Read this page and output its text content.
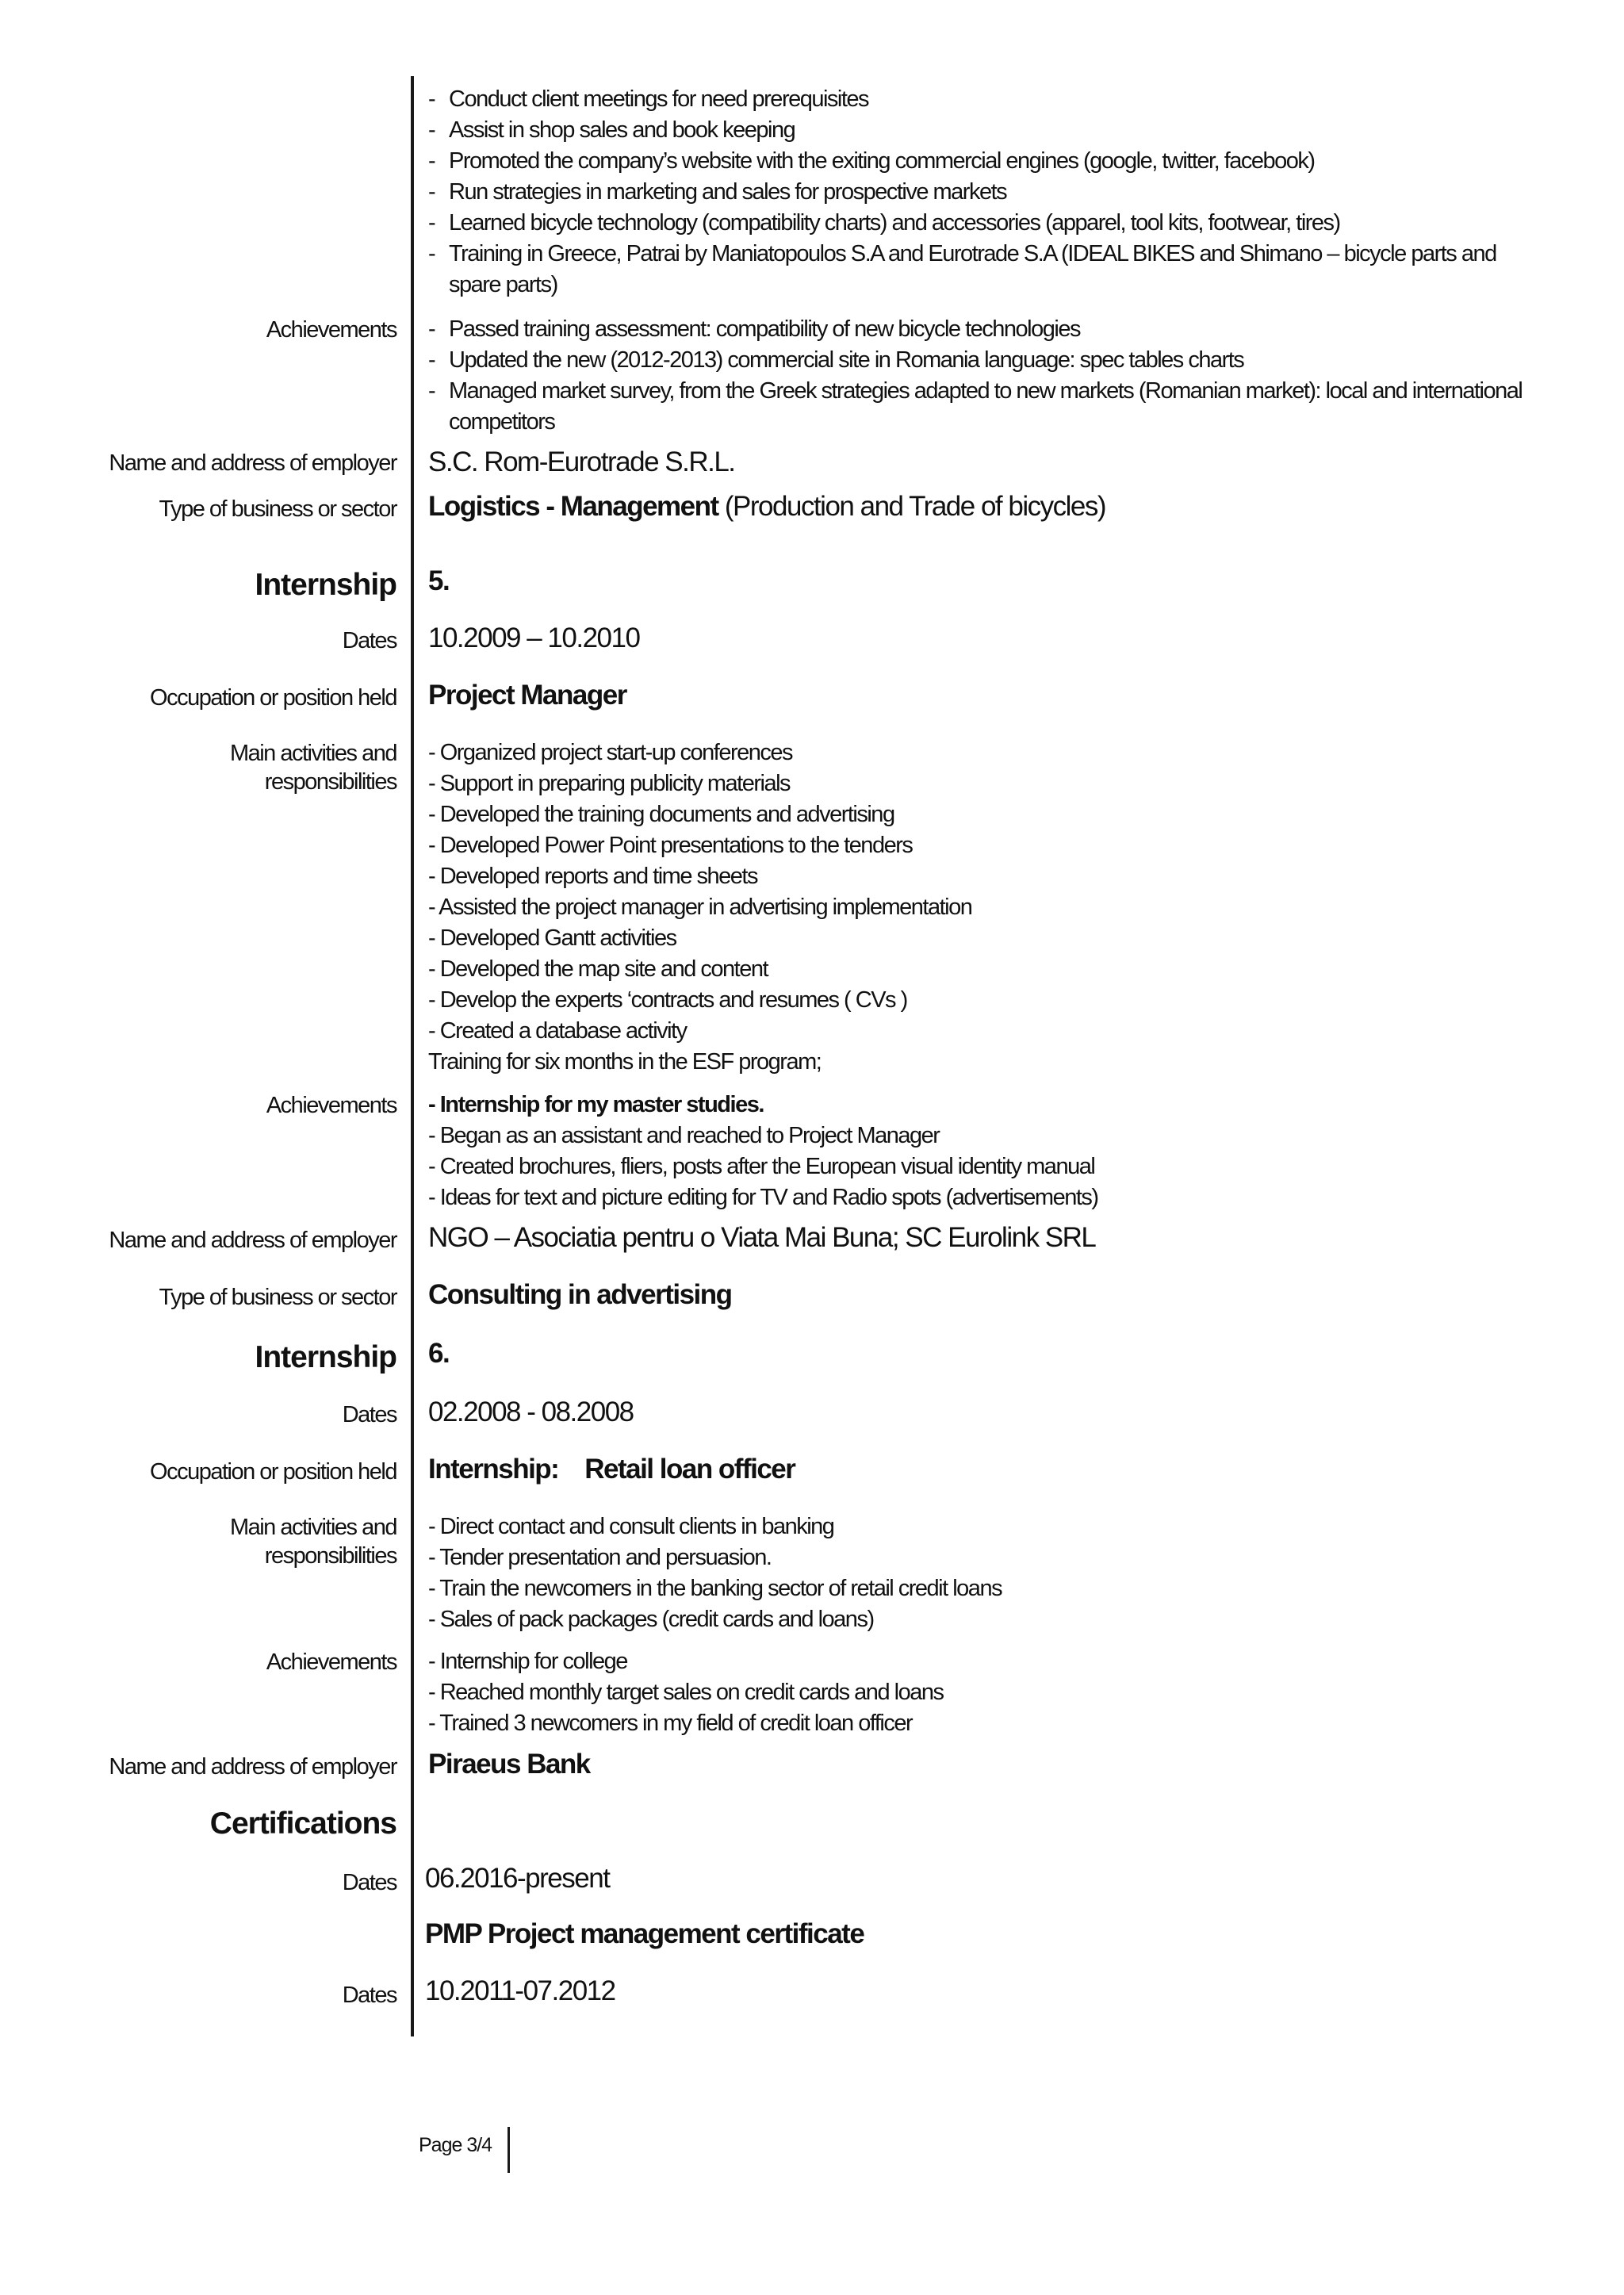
- Conduct client meetings for need prerequisites
- Assist in shop sales and book keeping
- Promoted the company’s website with the exiting commercial engines (google, twitter, facebook)
- Run strategies in marketing and sales for prospective markets
- Learned bicycle technology (compatibility charts) and accessories (apparel, tool kits, footwear, tires)
- Training in Greece, Patrai by Maniatopoulos S.A and Eurotrade S.A (IDEAL BIKES and Shimano – bicycle parts and spare parts)
Achievements
-	Passed training assessment: compatibility of new bicycle technologies
- Updated the new (2012-2013) commercial site in Romania language: spec tables charts
- Managed market survey, from the Greek strategies adapted to new markets (Romanian market): local and international competitors
Name and address of employer S.C. Rom-Eurotrade S.R.L.
Type of business or sector Logistics - Management (Production and Trade of bicycles)
Internship 5.
Dates 10.2009 – 10.2010
Occupation or position held Project Manager
Main activities and
responsibilities
- Organized project start-up conferences
- Support in preparing publicity materials
- Developed the training documents and advertising
- Developed Power Point presentations to the tenders
- Developed reports and time sheets
- Assisted the project manager in advertising implementation
- Developed Gantt activities
- Developed the map site and content
- Develop the experts ‘contracts and resumes ( CVs )
- Created a database activity
Training for six months in the ESF program;
Achievements - Internship for my master studies.
- Began as an assistant and reached to Project Manager
- Created brochures, fliers, posts after the European visual identity manual
- Ideas for text and picture editing for TV and Radio spots (advertisements)
Name and address of employer NGO – Asociatia pentru o Viata Mai Buna; SC Eurolink SRL
Type of business or sector Consulting in advertising
Internship 6.
Dates 02.2008 - 08.2008
Occupation or position held Internship:    Retail loan officer
Main activities and
responsibilities
- Direct contact and consult clients in banking
- Tender presentation and persuasion.
- Train the newcomers in the banking sector of retail credit loans
- Sales of pack packages (credit cards and loans)
Achievements - Internship for college
- Reached monthly target sales on credit cards and loans
- Trained 3 newcomers in my field of credit loan officer
Name and address of employer Piraeus Bank
Certifications
Dates 06.2016-present
PMP Project management certificate
Dates 10.2011-07.2012
Page 3/4
